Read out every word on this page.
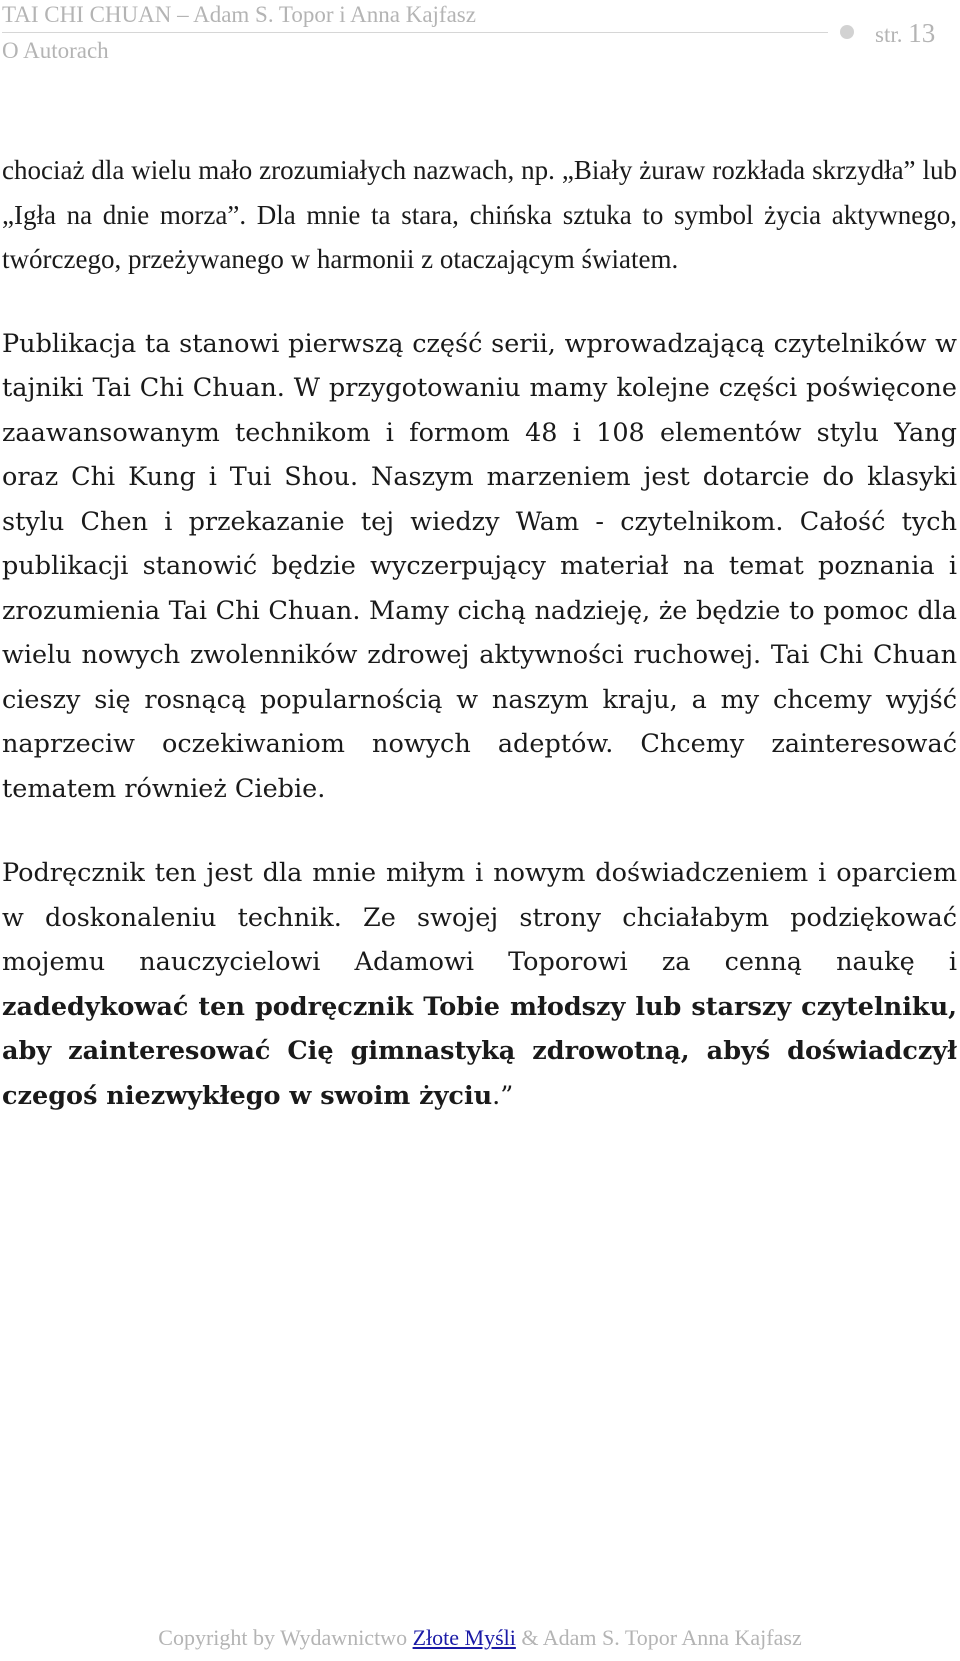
TAI CHI CHUAN – Adam S. Topor i Anna Kajfasz
str. 13
O Autorach

chociaż dla wielu mało zrozumiałych nazwach, np. „Biały żuraw rozkłada skrzydła” lub „Igła na dnie morza”. Dla mnie ta stara, chińska sztuka to symbol życia aktywnego, twórczego, przeżywanego w harmonii z otaczającym światem.

Publikacja ta stanowi pierwszą część serii, wprowadzającą czytelników w tajniki Tai Chi Chuan. W przygotowaniu mamy kolejne części poświęcone zaawansowanym technikom i formom 48 i 108 elementów stylu Yang oraz Chi Kung i Tui Shou. Naszym marzeniem jest dotarcie do klasyki stylu Chen i przekazanie tej wiedzy Wam - czytelnikom. Całość tych publikacji stanowić będzie wyczerpujący materiał na temat poznania i zrozumienia Tai Chi Chuan. Mamy cichą nadzieję, że będzie to pomoc dla wielu nowych zwolenników zdrowej aktywności ruchowej. Tai Chi Chuan cieszy się rosnącą popularnością w naszym kraju, a my chcemy wyjść naprzeciw oczekiwaniom nowych adeptów. Chcemy zainteresować tematem również Ciebie.

Podręcznik ten jest dla mnie miłym i nowym doświadczeniem i oparciem w doskonaleniu technik. Ze swojej strony chciałabym podziękować mojemu nauczycielowi Adamowi Toporowi za cenną naukę i zadedykować ten podręcznik Tobie młodszy lub starszy czytelniku, aby zainteresować Cię gimnastyką zdrowotną, abyś doświadczył czegoś niezwykłego w swoim życiu.”

Copyright by Wydawnictwo Złote Myśli & Adam S. Topor Anna Kajfasz
